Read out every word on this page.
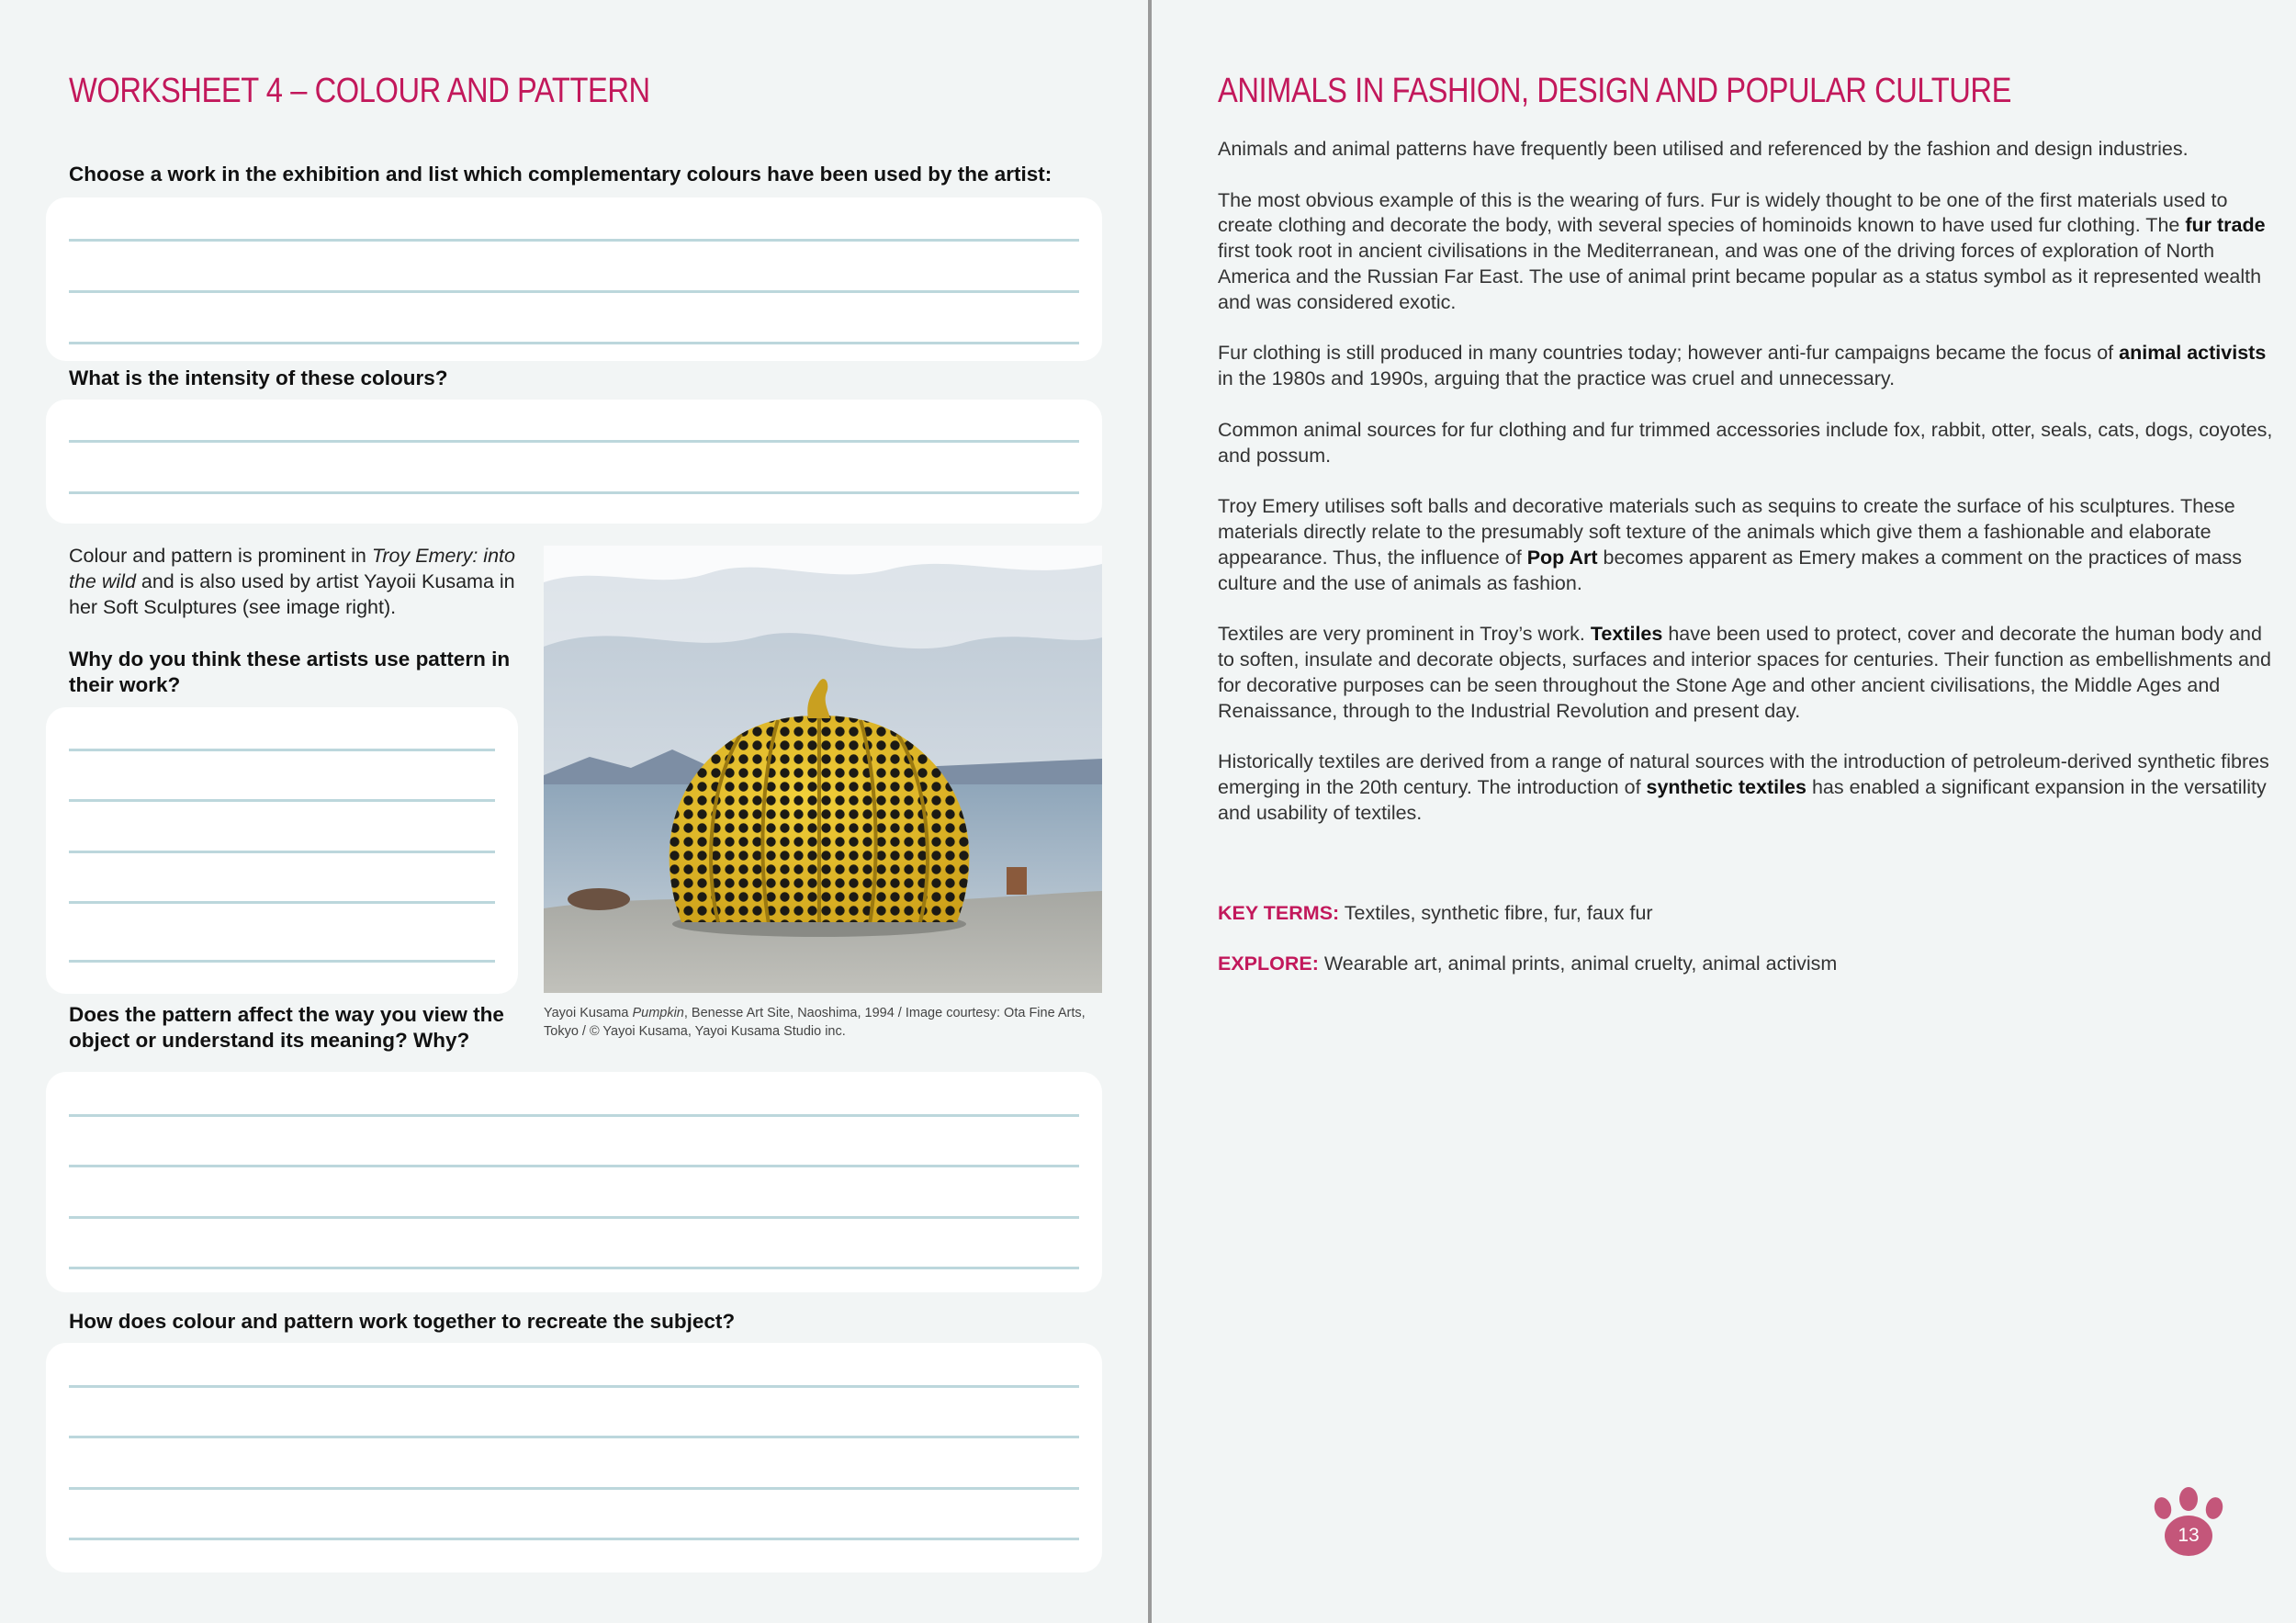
WORKSHEET 4 – COLOUR AND PATTERN
Choose a work in the exhibition and list which complementary colours have been used by the artist:
What is the intensity of these colours?
Colour and pattern is prominent in Troy Emery: into the wild and is also used by artist Yayoii Kusama in her Soft Sculptures (see image right).
Why do you think these artists use pattern in their work?
Yayoi Kusama Pumpkin, Benesse Art Site, Naoshima, 1994 / Image courtesy: Ota Fine Arts, Tokyo / © Yayoi Kusama, Yayoi Kusama Studio inc.
Does the pattern affect the way you view the object or understand its meaning? Why?
How does colour and pattern work together to recreate the subject?
ANIMALS IN FASHION, DESIGN AND POPULAR CULTURE

Animals and animal patterns have frequently been utilised and referenced by the fashion and design industries.

The most obvious example of this is the wearing of furs. Fur is widely thought to be one of the first materials used to create clothing and decorate the body, with several species of hominoids known to have used fur clothing. The fur trade first took root in ancient civilisations in the Mediterranean, and was one of the driving forces of exploration of North America and the Russian Far East. The use of animal print became popular as a status symbol as it represented wealth and was considered exotic.

Fur clothing is still produced in many countries today; however anti-fur campaigns became the focus of animal activists in the 1980s and 1990s, arguing that the practice was cruel and unnecessary.

Common animal sources for fur clothing and fur trimmed accessories include fox, rabbit, otter, seals, cats, dogs, coyotes, and possum.

Troy Emery utilises soft balls and decorative materials such as sequins to create the surface of his sculptures. These materials directly relate to the presumably soft texture of the animals which give them a fashionable and elaborate appearance. Thus, the influence of Pop Art becomes apparent as Emery makes a comment on the practices of mass culture and the use of animals as fashion.

Textiles are very prominent in Troy’s work. Textiles have been used to protect, cover and decorate the human body and to soften, insulate and decorate objects, surfaces and interior spaces for centuries. Their function as embellishments and for decorative purposes can be seen throughout the Stone Age and other ancient civilisations, the Middle Ages and Renaissance, through to the Industrial Revolution and present day.

Historically textiles are derived from a range of natural sources with the introduction of petroleum-derived synthetic fibres emerging in the 20th century. The introduction of synthetic textiles has enabled a significant expansion in the versatility and usability of textiles.

KEY TERMS: Textiles, synthetic fibre, fur, faux fur
EXPLORE: Wearable art, animal prints, animal cruelty, animal activism
13
